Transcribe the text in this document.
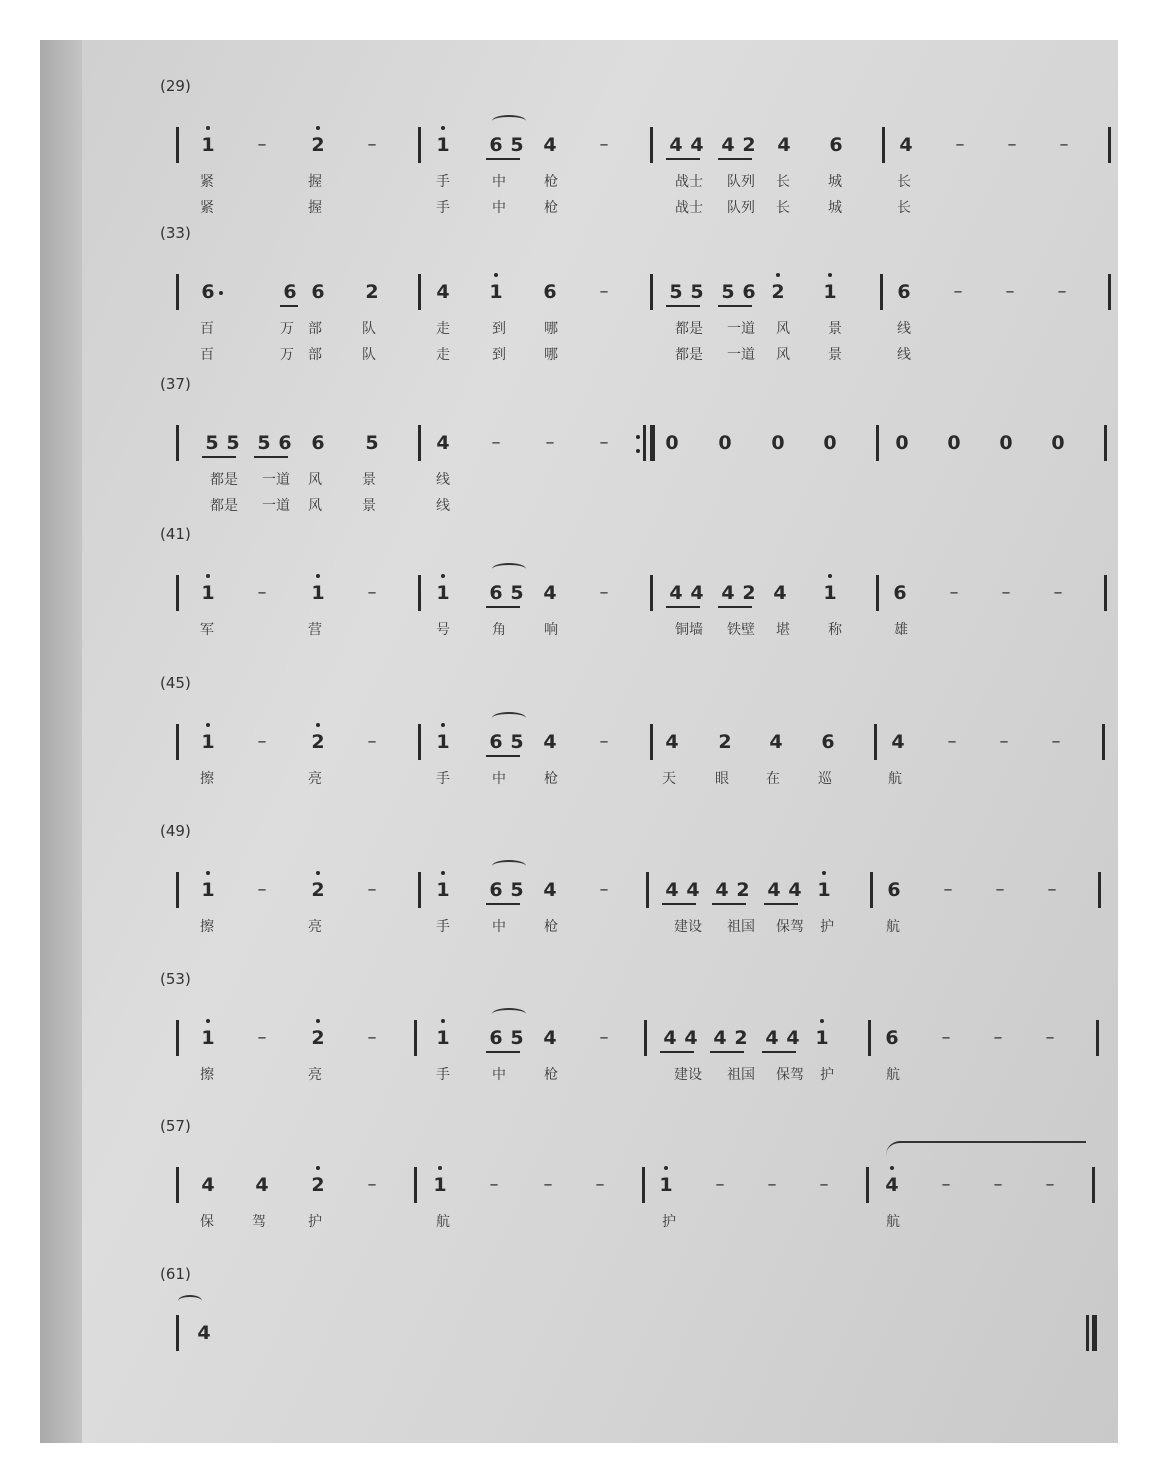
(29)
紧	握	手	中	枪	战士 队列 长	城	长
紧	握	手	中	枪	战士 队列 长	城	长
(33)
百	万 部	队	走	到	哪	都是 一道 风	景	线
百	万 部	队	走	到	哪	都是 一道 风	景	线
(37)
都是 一道 风	景	线
都是 一道 风	景	线
(41)
军	营	号	角	响	铜墙 铁壁 堪	称	雄
(45)
擦	亮	手	中	枪	天	眼	在	巡	航
(49)
擦	亮	手	中	枪	建设 祖国 保驾 护	航
(53)
擦	亮	手	中	枪	建设 祖国 保驾 护	航
(57)
保	驾	护	航	护	航
(61)
1	–	2	–	1 6 5 4	–	4 4 4 2 4 6	4	–	–	–
6	6 6 2	4 1 6	–	5 5 5 6 2 1	6	–	–	–
5 5 5 6 6 5	4	–	–	–	0 0 0 0	0 0 0 0
1	–	1	–	1 6 5 4	–	4 4 4 2 4 1	6	–	–	–
1	–	2	–	1 6 5 4	–	4 2 4 6	4	–	–	–
1	–	2	–	1 6 5 4	–	4 4 4 2 4 4 1	6	–	–	–
1	–	2	–	1 6 5 4	–	4 4 4 2 4 4 1	6	–	–	–
4 4 2	–	1	–	–	–	1	–	–	–	4	–	–	–
4
